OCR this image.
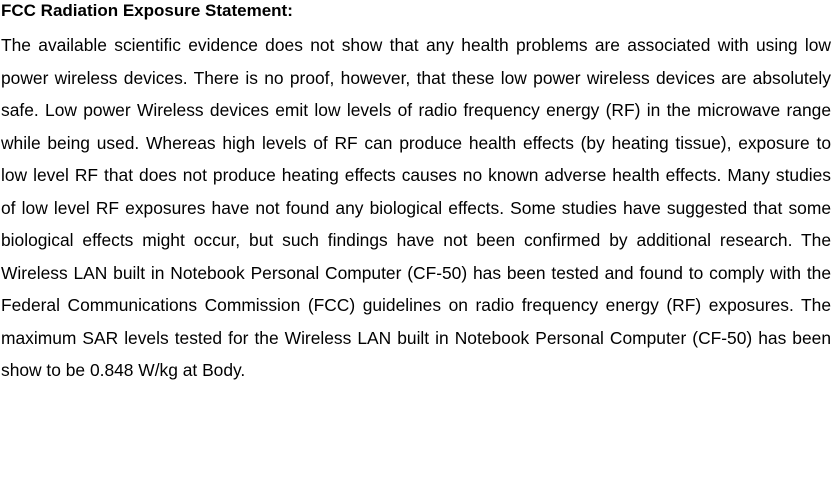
FCC Radiation Exposure Statement:

The available scientific evidence does not show that any health problems are associated with using low power wireless devices. There is no proof, however, that these low power wireless devices are absolutely safe. Low power Wireless devices emit low levels of radio frequency energy (RF) in the microwave range while being used. Whereas high levels of RF can produce health effects (by heating tissue), exposure to low level RF that does not produce heating effects causes no known adverse health effects. Many studies of low level RF exposures have not found any biological effects. Some studies have suggested that some biological effects might occur, but such findings have not been confirmed by additional research. The Wireless LAN built in Notebook Personal Computer (CF-50) has been tested and found to comply with the Federal Communications Commission (FCC) guidelines on radio frequency energy (RF) exposures. The maximum SAR levels tested for the Wireless LAN built in Notebook Personal Computer (CF-50) has been show to be 0.848 W/kg at Body.
